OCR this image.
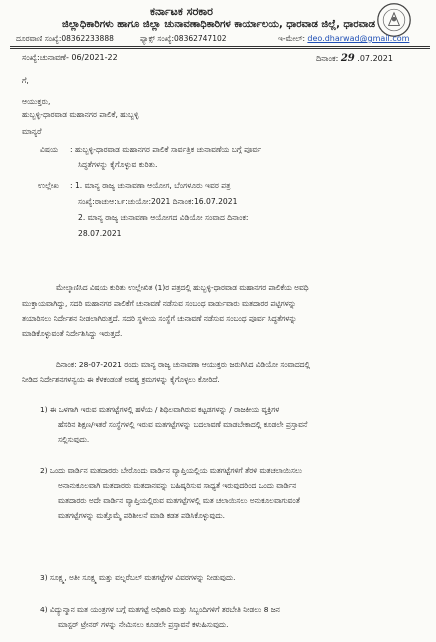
ಕರ್ನಾಟಕ ಸರಕಾರ
ಜಿಲ್ಲಾಧಿಕಾರಿಗಳು ಹಾಗೂ ಜಿಲ್ಲಾ ಚುನಾವಣಾಧಿಕಾರಿಗಳ ಕಾರ್ಯಾಲಯ, ಧಾರವಾಡ ಜಿಲ್ಲೆ, ಧಾರವಾಡ
ದೂರವಾಣಿ ಸಂಖ್ಯೆ:08362233888	ಫ್ಯಾಕ್ಸ್ ಸಂಖ್ಯೆ:08362747102	ಇ-ಮೇಲ್: deo.dharwad@gmail.com
ಸಂಖ್ಯೆ:ಚುನಾವಣೆ- 06/2021-22	ದಿನಾಂಕ: 29 .07.2021
ಗೆ,
ಆಯುಕ್ತರು,
ಹುಬ್ಬಳ್ಳಿ-ಧಾರವಾಡ ಮಹಾನಗರ ಪಾಲಿಕೆ, ಹುಬ್ಬಳ್ಳಿ
ಮಾನ್ಯರೆ
ವಿಷಯ : ಹುಬ್ಬಳ್ಳಿ-ಧಾರವಾಡ ಮಹಾನಗರ ಪಾಲಿಕೆ ಸಾರ್ವತ್ರಿಕ ಚುನಾವಣೆಯ ಬಗ್ಗೆ ಪೂರ್ವ
ಸಿದ್ಧತೆಗಳನ್ನು ಕೈಗೊಳ್ಳುವ ಕುರಿತು.
ಉಲ್ಲೇಖ : 1. ಮಾನ್ಯ ರಾಜ್ಯ ಚುನಾವಣಾ ಆಯೋಗ, ಬೆಂಗಳೂರು ಇವರ ಪತ್ರ
ಸಂಖ್ಯೆ:ರಾಚುಆ:೬೯:ಚುಯೋ:2021 ದಿನಾಂಕ:16.07.2021
2. ಮಾನ್ಯ ರಾಜ್ಯ ಚುನಾವಣಾ ಆಯೋಗದ ವಿಡಿಯೋ ಸಂವಾದ ದಿನಾಂಕ:
28.07.2021
ಮೇಲ್ಕಾಣಿಸಿದ ವಿಷಯ ಕುರಿತು ಉಲ್ಲೇಖಿತ (1)ರ ಪತ್ರದಲ್ಲಿ ಹುಬ್ಬಳ್ಳಿ-ಧಾರವಾಡ ಮಹಾನಗರ ಪಾಲಿಕೆಯ ಅವಧಿ
ಮುಕ್ತಾಯವಾಗಿದ್ದು, ಸದರಿ ಮಹಾನಗರ ಪಾಲಿಕೆಗೆ ಚುನಾವಣೆ ನಡೆಸುವ ಸಂಬಂಧ ವಾರ್ಡುವಾರು ಮತದಾರರ ಪಟ್ಟಿಗಳನ್ನು
ತಯಾರಿಸಲು ನಿರ್ದೇಶನ ನೀಡಲಾಗಿರುತ್ತದೆ. ಸದರಿ ಸ್ಥಳೀಯ ಸಂಸ್ಥೆಗೆ ಚುನಾವಣೆ ನಡೆಸುವ ಸಂಬಂಧ ಪೂರ್ವ ಸಿದ್ಧತೆಗಳನ್ನು
ಮಾಡಿಕೊಳ್ಳುವಂತೆ ನಿರ್ದೇಶಿಸಿದ್ದು ಇರುತ್ತದೆ.
ದಿನಾಂಕ: 28-07-2021 ರಂದು ಮಾನ್ಯ ರಾಜ್ಯ ಚುನಾವಣಾ ಆಯುಕ್ತರು ಜರುಗಿಸಿದ ವಿಡಿಯೋ ಸಂವಾದದಲ್ಲಿ
ನೀಡಿದ ನಿರ್ದೇಶನಗಳನ್ವಯ ಈ ಕೆಳಕಂಡಂತೆ ಅವಶ್ಯ ಕ್ರಮಗಳನ್ನು ಕೈಗೊಳ್ಳಲು ಕೋರಿದೆ.
1) ಈ ಒಳಗಾಗಿ ಇರುವ ಮತಗಟ್ಟೆಗಳಲ್ಲಿ ಹಳೆಯ / ಶಿಥಿಲವಾಗಿರುವ ಕಟ್ಟಡಗಳನ್ನು / ರಾಜಕೀಯ ವ್ಯಕ್ತಿಗಳ
ಹೆಸರಿನ ಶಿಕ್ಷಣ/ಇತರೆ ಸಂಸ್ಥೆಗಳಲ್ಲಿ ಇರುವ ಮತಗಟ್ಟೆಗಳನ್ನು ಬದಲಾವಣೆ ಮಾಡಬೇಕಾದಲ್ಲಿ ಕೂಡಲೇ ಪ್ರಸ್ತಾವನೆ
ಸಲ್ಲಿಸುವುದು.
2) ಒಂದು ವಾರ್ಡಿನ ಮತದಾರರು ಬೇರೊಂದು ವಾರ್ಡಿನ ವ್ಯಾಪ್ತಿಯಲ್ಲಿಯ ಮತಗಟ್ಟೆಗಳಿಗೆ ತೆರಳಿ ಮತಚಲಾಯಿಸಲು
ಅನಾನುಕೂಲವಾಗಿ ಮತದಾರರು ಮತದಾನವನ್ನು ಬಹಿಷ್ಕರಿಸುವ ಸಾಧ್ಯತೆ ಇರುವುದರಿಂದ ಒಂದು ವಾರ್ಡಿನ
ಮತದಾರರು ಅದೇ ವಾರ್ಡಿನ ವ್ಯಾಪ್ತಿಯಲ್ಲಿರುವ ಮತಗಟ್ಟೆಗಳಲ್ಲಿ ಮತ ಚಲಾಯಿಸಲು ಅನುಕೂಲವಾಗುವಂತೆ
ಮತಗಟ್ಟೆಗಳನ್ನು ಮತ್ತೊಮ್ಮೆ ಪರಿಶೀಲನೆ ಮಾಡಿ ಕಡತ ಪಡಿಸಿಕೊಳ್ಳುವುದು.
3) ಸೂಕ್ಷ್ಮ, ಅತೀ ಸೂಕ್ಷ್ಮ ಮತ್ತು ವಲ್ನರೆಬಲ್ ಮತಗಟ್ಟೆಗಳ ವಿವರಗಳನ್ನು ನೀಡುವುದು.
4) ವಿದ್ಯುನ್ಮಾನ ಮತ ಯಂತ್ರಗಳ ಬಗ್ಗೆ ಮತಗಟ್ಟೆ ಅಧಿಕಾರಿ ಮತ್ತು ಸಿಬ್ಬಂದಿಗಳಿಗೆ ತರಬೇತಿ ನೀಡಲು 8 ಜನ
ಮಾಸ್ಟರ್ ಟ್ರೇನರ್ ಗಳನ್ನು ನೇಮಿಸಲು ಕೂಡಲೇ ಪ್ರಸ್ತಾವನೆ ಕಳುಹಿಸುವುದು.
